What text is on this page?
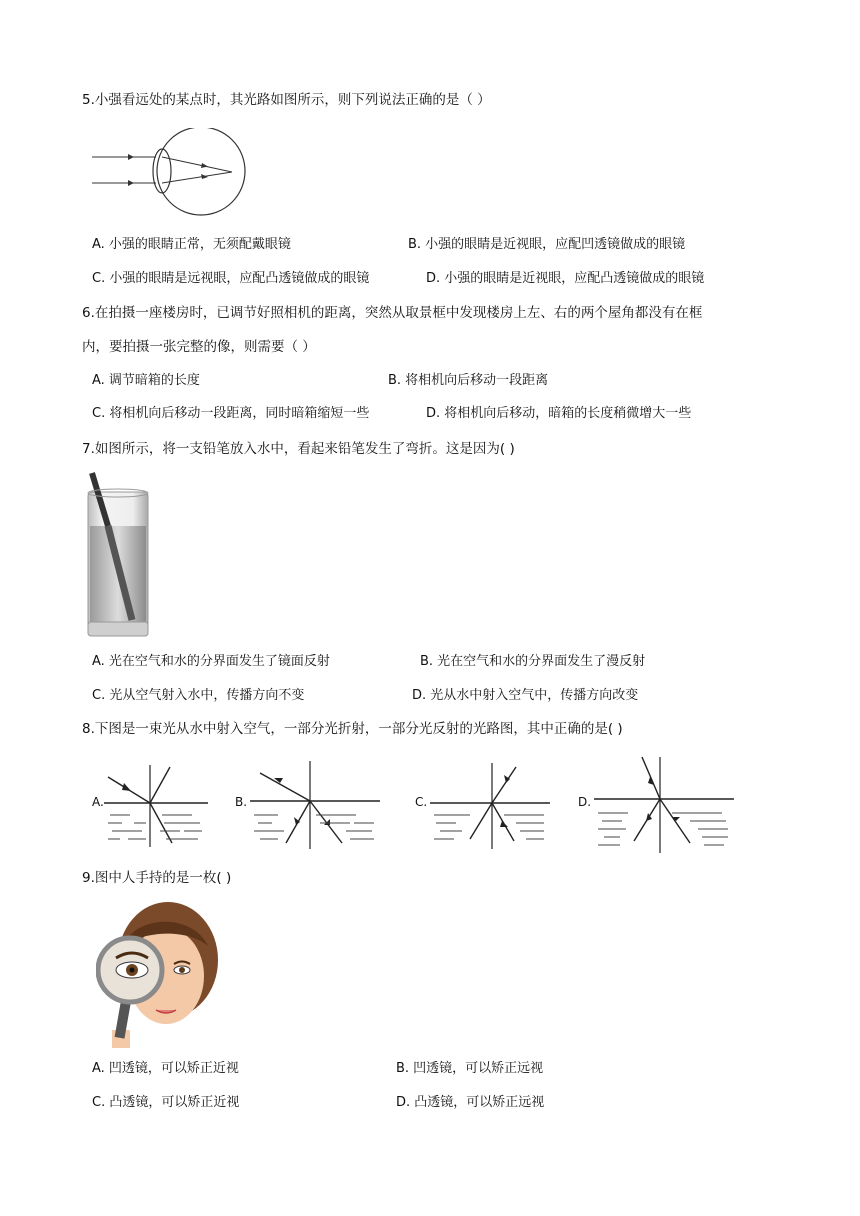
5.小强看远处的某点时，其光路如图所示，则下列说法正确的是（ ）
A. 小强的眼睛正常，无须配戴眼镜	B. 小强的眼睛是近视眼，应配凹透镜做成的眼镜
C. 小强的眼睛是远视眼，应配凸透镜做成的眼镜	D. 小强的眼睛是近视眼，应配凸透镜做成的眼镜
6.在拍摄一座楼房时，已调节好照相机的距离，突然从取景框中发现楼房上左、右的两个屋角都没有在框
内，要拍摄一张完整的像，则需要（ ）
A. 调节暗箱的长度	B. 将相机向后移动一段距离
C. 将相机向后移动一段距离，同时暗箱缩短一些	D. 将相机向后移动，暗箱的长度稍微增大一些
7.如图所示，将一支铅笔放入水中，看起来铅笔发生了弯折。这是因为( )
A. 光在空气和水的分界面发生了镜面反射	B. 光在空气和水的分界面发生了漫反射
C. 光从空气射入水中，传播方向不变	D. 光从水中射入空气中，传播方向改变
8.下图是一束光从水中射入空气，一部分光折射，一部分光反射的光路图，其中正确的是( )
A.	B.	C.	D.
9.图中人手持的是一枚( )
A. 凹透镜，可以矫正近视	B. 凹透镜，可以矫正远视
C. 凸透镜，可以矫正近视	D. 凸透镜，可以矫正远视
